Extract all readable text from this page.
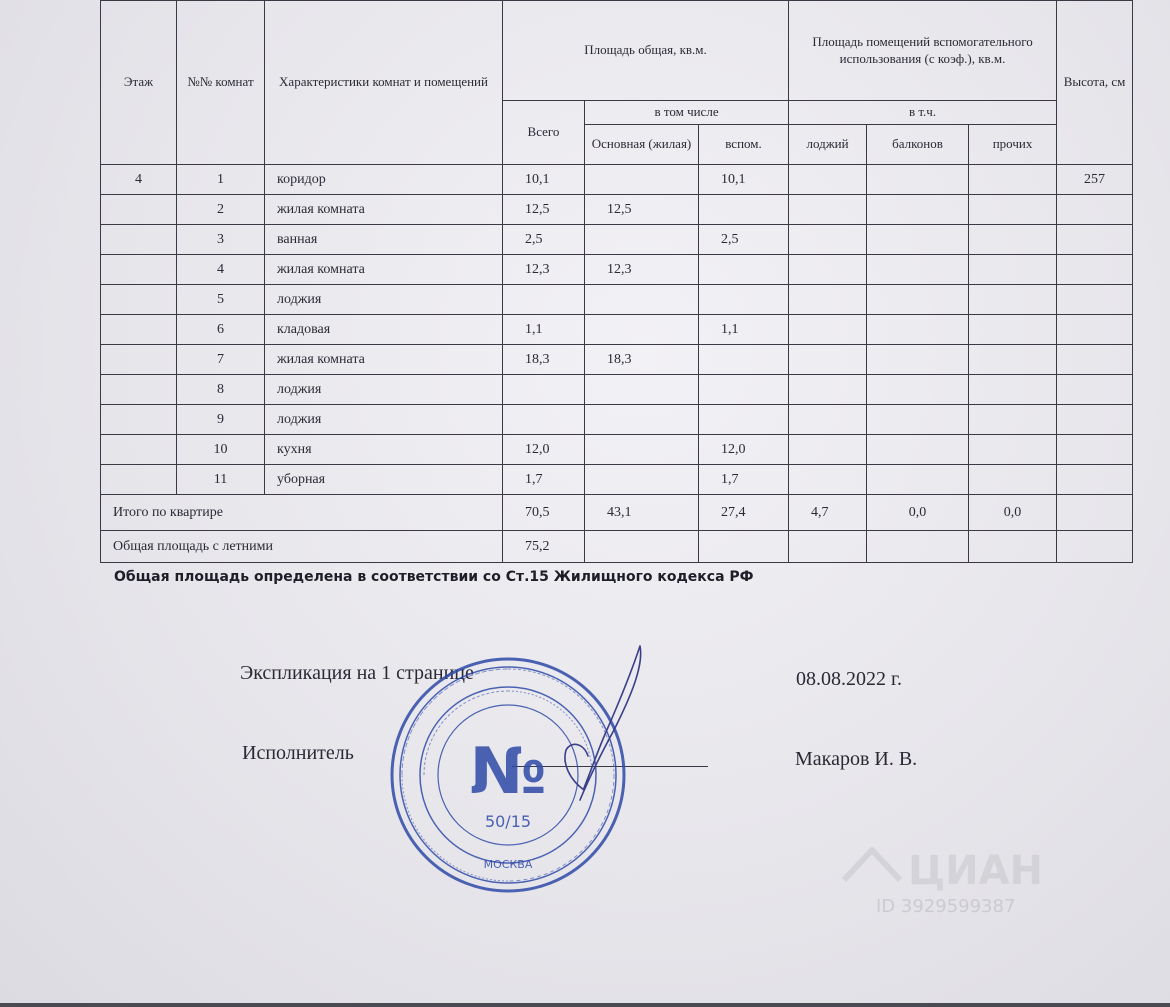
Этаж	№№ комнат	Характеристики комнат и помещений	Площадь общая, кв.м.			Площадь помещений вспомогательного использования (с коэф.), кв.м.			Высота, см
			Всего	в том числе		в т.ч.			
				Основная (жилая)	вспом.	лоджий	балконов	прочих	
4	1	коридор	10,1		10,1				257
	2	жилая комната	12,5	12,5					
	3	ванная	2,5		2,5				
	4	жилая комната	12,3	12,3					
	5	лоджия							
	6	кладовая	1,1		1,1				
	7	жилая комната	18,3	18,3					
	8	лоджия							
	9	лоджия							
	10	кухня	12,0		12,0				
	11	уборная	1,7		1,7				
Итого по квартире			70,5	43,1	27,4	4,7	0,0	0,0	
Общая площадь с летними			75,2						
Общая площадь определена в соответствии со Ст.15 Жилищного кодекса РФ
Экспликация на 1 странице	08.08.2022 г.
Исполнитель	Макаров И. В.
№
50/15
МОСКВА	ЦИАН
ID 3929599387
